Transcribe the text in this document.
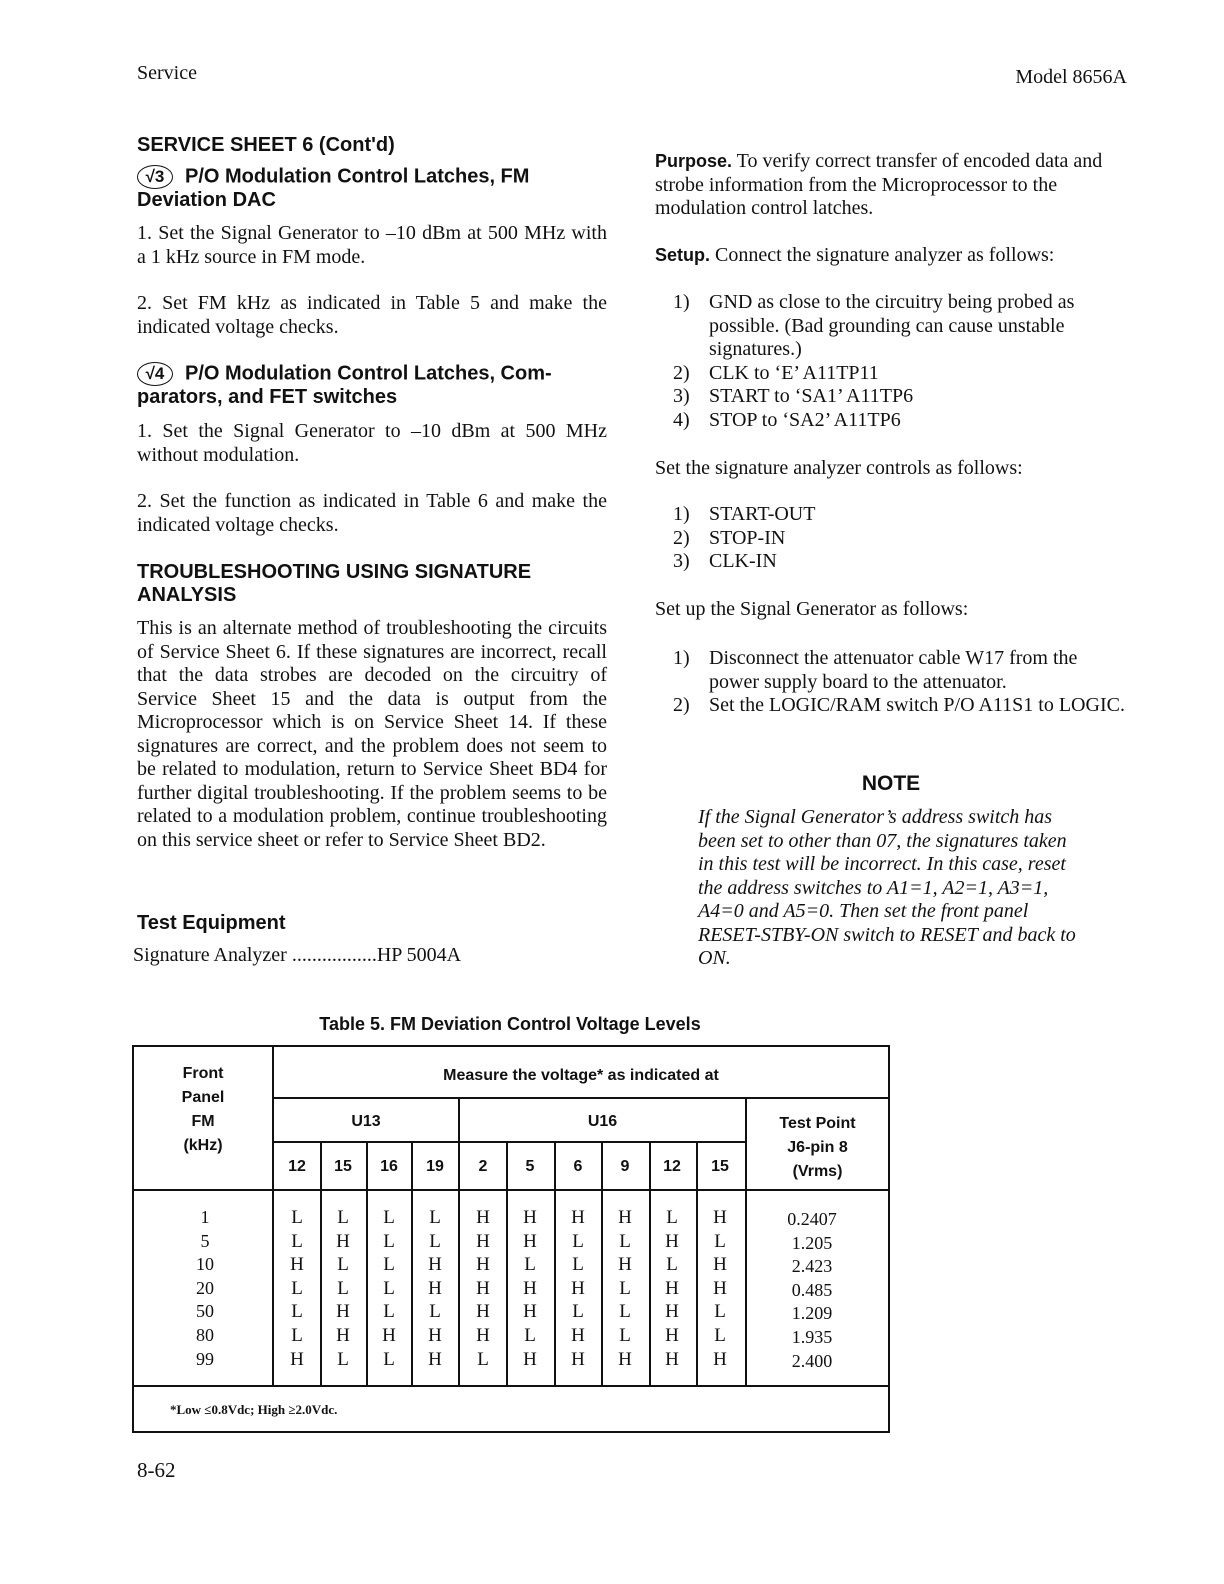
Service	Model 8656A
SERVICE SHEET 6 (Cont'd)
√3 P/O Modulation Control Latches, FM
Deviation DAC
1. Set the Signal Generator to –10 dBm at 500 MHz with a 1 kHz source in FM mode.
2. Set FM kHz as indicated in Table 5 and make the indicated voltage checks.
√4 P/O Modulation Control Latches, Com-
parators, and FET switches
1. Set the Signal Generator to –10 dBm at 500 MHz without modulation.
2. Set the function as indicated in Table 6 and make the indicated voltage checks.
TROUBLESHOOTING USING SIGNATURE
ANALYSIS
This is an alternate method of troubleshooting the circuits of Service Sheet 6. If these signatures are incorrect, recall that the data strobes are decoded on the circuitry of Service Sheet 15 and the data is output from the Microprocessor which is on Service Sheet 14. If these signatures are correct, and the problem does not seem to be related to modulation, return to Service Sheet BD4 for further digital troubleshooting. If the problem seems to be related to a modulation problem, continue troubleshooting on this service sheet or refer to Service Sheet BD2.
Test Equipment
Signature Analyzer .................HP 5004A
Purpose. To verify correct transfer of encoded data and strobe information from the Microprocessor to the modulation control latches.
Setup. Connect the signature analyzer as follows:
1) GND as close to the circuitry being probed as possible. (Bad grounding can cause unstable signatures.)
2) CLK to ‘E’ A11TP11
3) START to ‘SA1’ A11TP6
4) STOP to ‘SA2’ A11TP6
Set the signature analyzer controls as follows:
1) START-OUT
2) STOP-IN
3) CLK-IN
Set up the Signal Generator as follows:
1) Disconnect the attenuator cable W17 from the power supply board to the attenuator.
2) Set the LOGIC/RAM switch P/O A11S1 to LOGIC.
NOTE
If the Signal Generator’s address switch has been set to other than 07, the signatures taken in this test will be incorrect. In this case, reset the address switches to A1=1, A2=1, A3=1, A4=0 and A5=0. Then set the front panel RESET-STBY-ON switch to RESET and back to ON.
Table 5. FM Deviation Control Voltage Levels
Front
Panel
FM
(kHz)
Measure the voltage* as indicated at
U13	U16	Test Point
J6-pin 8
(Vrms)
12	15	16	19	2	5	6	9	12	15
1	L	L	L	L	H	H	H	H	L	H	0.2407
5	L	H	L	L	H	H	L	L	H	L	1.205
10	H	L	L	H	H	L	L	H	L	H	2.423
20	L	L	L	H	H	H	H	L	H	H	0.485
50	L	H	L	L	H	H	L	L	H	L	1.209
80	L	H	H	H	H	L	H	L	H	L	1.935
99	H	L	L	H	L	H	H	H	H	H	2.400
*Low ≤0.8Vdc; High ≥2.0Vdc.
8-62
